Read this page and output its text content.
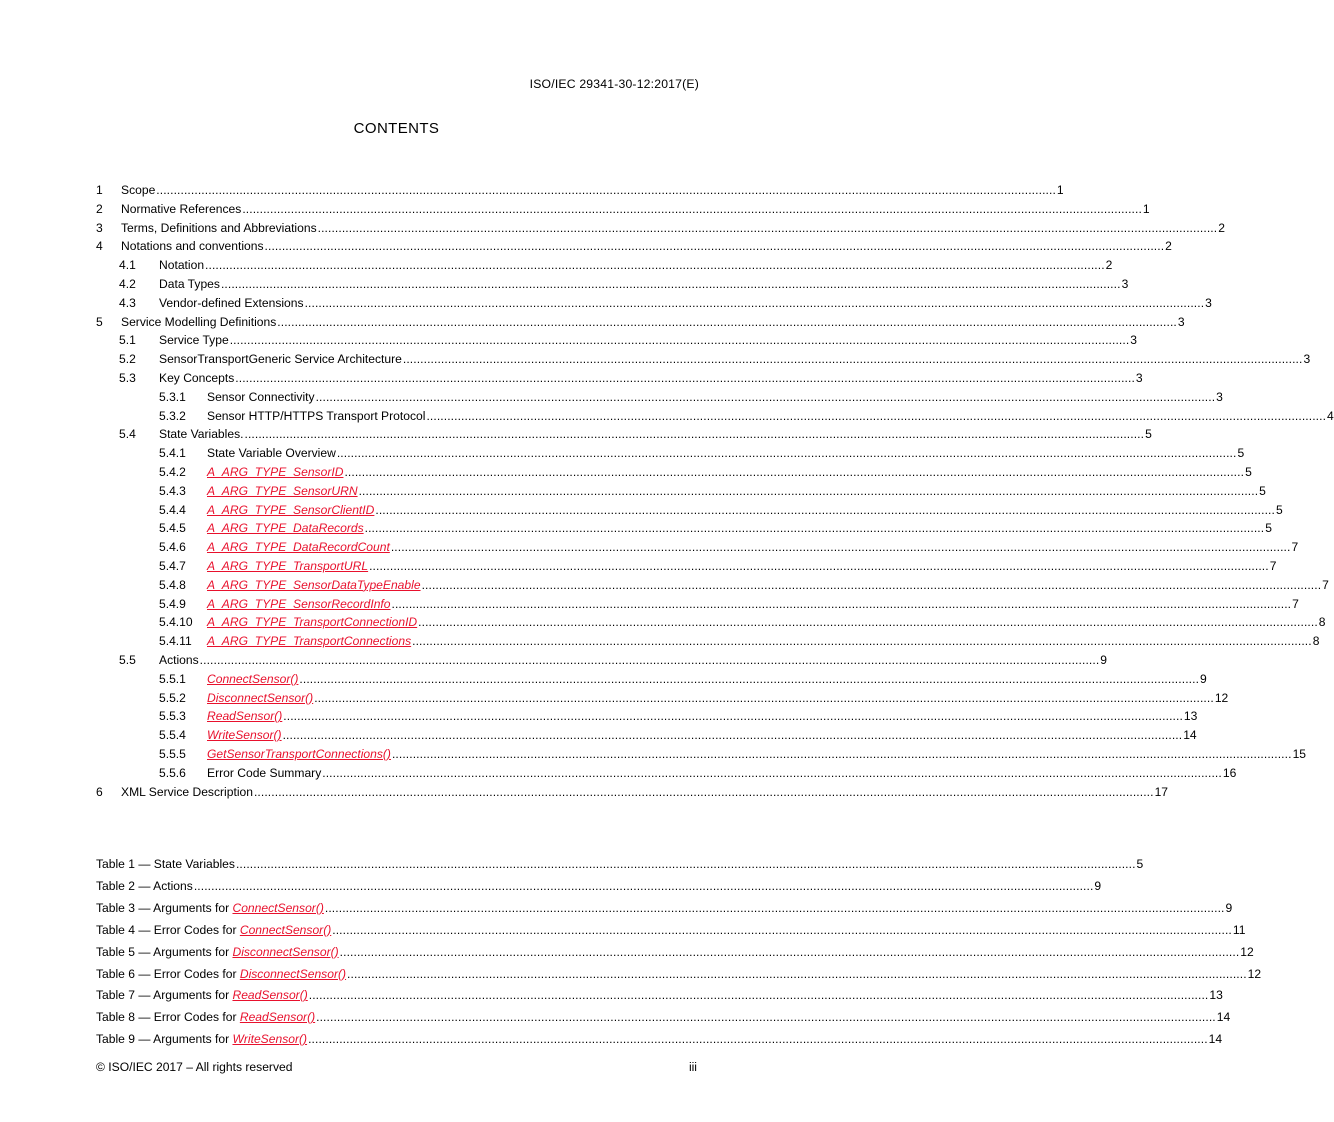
ISO/IEC 29341-30-12:2017(E)
CONTENTS
1	Scope .................................................................................................................................................................................................................................................................... 1
2	Normative References .................................................................................................................................................................................................................................................................... 1
3	Terms, Definitions and Abbreviations .................................................................................................................................................................................................................................................................... 2
4	Notations and conventions .................................................................................................................................................................................................................................................................... 2
4.1	Notation .................................................................................................................................................................................................................................................................... 2
4.2	Data Types .................................................................................................................................................................................................................................................................... 3
4.3	Vendor-defined Extensions .................................................................................................................................................................................................................................................................... 3
5	Service Modelling Definitions .................................................................................................................................................................................................................................................................... 3
5.1	Service Type .................................................................................................................................................................................................................................................................... 3
5.2	SensorTransportGeneric Service Architecture .................................................................................................................................................................................................................................................................... 3
5.3	Key Concepts .................................................................................................................................................................................................................................................................... 3
5.3.1	Sensor Connectivity .................................................................................................................................................................................................................................................................... 3
5.3.2	Sensor HTTP/HTTPS Transport Protocol .................................................................................................................................................................................................................................................................... 4
5.4	State Variables. .................................................................................................................................................................................................................................................................... 5
5.4.1	State Variable Overview .................................................................................................................................................................................................................................................................... 5
5.4.2	A_ARG_TYPE_SensorID .................................................................................................................................................................................................................................................................... 5
5.4.3	A_ARG_TYPE_SensorURN .................................................................................................................................................................................................................................................................... 5
5.4.4	A_ARG_TYPE_SensorClientID .................................................................................................................................................................................................................................................................... 5
5.4.5	A_ARG_TYPE_DataRecords .................................................................................................................................................................................................................................................................... 5
5.4.6	A_ARG_TYPE_DataRecordCount .................................................................................................................................................................................................................................................................... 7
5.4.7	A_ARG_TYPE_TransportURL .................................................................................................................................................................................................................................................................... 7
5.4.8	A_ARG_TYPE_SensorDataTypeEnable .................................................................................................................................................................................................................................................................... 7
5.4.9	A_ARG_TYPE_SensorRecordInfo .................................................................................................................................................................................................................................................................... 7
5.4.10	A_ARG_TYPE_TransportConnectionID .................................................................................................................................................................................................................................................................... 8
5.4.11	A_ARG_TYPE_TransportConnections .................................................................................................................................................................................................................................................................... 8
5.5	Actions .................................................................................................................................................................................................................................................................... 9
5.5.1	ConnectSensor() .................................................................................................................................................................................................................................................................... 9
5.5.2	DisconnectSensor() .................................................................................................................................................................................................................................................................... 12
5.5.3	ReadSensor() .................................................................................................................................................................................................................................................................... 13
5.5.4	WriteSensor() .................................................................................................................................................................................................................................................................... 14
5.5.5	GetSensorTransportConnections() .................................................................................................................................................................................................................................................................... 15
5.5.6	Error Code Summary .................................................................................................................................................................................................................................................................... 16
6	XML Service Description .................................................................................................................................................................................................................................................................... 17
Table 1 — State Variables .................................................................................................................................................................................................................................................................... 5
Table 2 — Actions .................................................................................................................................................................................................................................................................... 9
Table 3 — Arguments for ConnectSensor() .................................................................................................................................................................................................................................................................... 9
Table 4 — Error Codes for ConnectSensor() .................................................................................................................................................................................................................................................................... 11
Table 5 — Arguments for DisconnectSensor() .................................................................................................................................................................................................................................................................... 12
Table 6 — Error Codes for DisconnectSensor() .................................................................................................................................................................................................................................................................... 12
Table 7 — Arguments for ReadSensor() .................................................................................................................................................................................................................................................................... 13
Table 8 — Error Codes for ReadSensor() .................................................................................................................................................................................................................................................................... 14
Table 9 — Arguments for WriteSensor() .................................................................................................................................................................................................................................................................... 14
© ISO/IEC 2017 – All rights reserved	iii
